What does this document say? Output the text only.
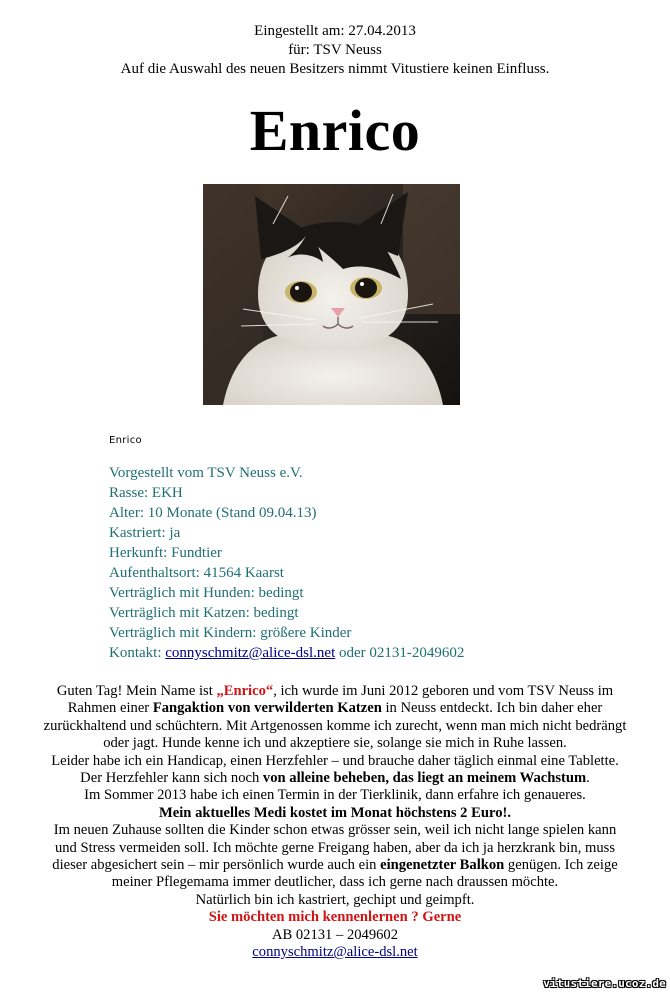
Eingestellt am: 27.04.2013
für: TSV Neuss
Auf die Auswahl des neuen Besitzers nimmt Vitustiere keinen Einfluss.
Enrico
Enrico
Vorgestellt vom TSV Neuss e.V.
Rasse: EKH
Alter: 10 Monate (Stand 09.04.13)
Kastriert: ja
Herkunft: Fundtier
Aufenthaltsort: 41564 Kaarst
Verträglich mit Hunden: bedingt
Verträglich mit Katzen: bedingt
Verträglich mit Kindern: größere Kinder
Kontakt: connyschmitz@alice-dsl.net oder 02131-2049602
Guten Tag! Mein Name ist „Enrico“, ich wurde im Juni 2012 geboren und vom TSV Neuss im
Rahmen einer Fangaktion von verwilderten Katzen in Neuss entdeckt. Ich bin daher eher
zurückhaltend und schüchtern. Mit Artgenossen komme ich zurecht, wenn man mich nicht bedrängt
oder jagt. Hunde kenne ich und akzeptiere sie, solange sie mich in Ruhe lassen.
Leider habe ich ein Handicap, einen Herzfehler – und brauche daher täglich einmal eine Tablette.
Der Herzfehler kann sich noch von alleine beheben, das liegt an meinem Wachstum.
Im Sommer 2013 habe ich einen Termin in der Tierklinik, dann erfahre ich genaueres.
Mein aktuelles Medi kostet im Monat höchstens 2 Euro!.
Im neuen Zuhause sollten die Kinder schon etwas grösser sein, weil ich nicht lange spielen kann
und Stress vermeiden soll. Ich möchte gerne Freigang haben, aber da ich ja herzkrank bin, muss
dieser abgesichert sein – mir persönlich wurde auch ein eingenetzter Balkon genügen. Ich zeige
meiner Pflegemama immer deutlicher, dass ich gerne nach draussen möchte.
Natürlich bin ich kastriert, gechipt und geimpft.
Sie möchten mich kennenlernen ? Gerne
AB 02131 – 2049602
connyschmitz@alice-dsl.net
vitustiere.ucoz.de
